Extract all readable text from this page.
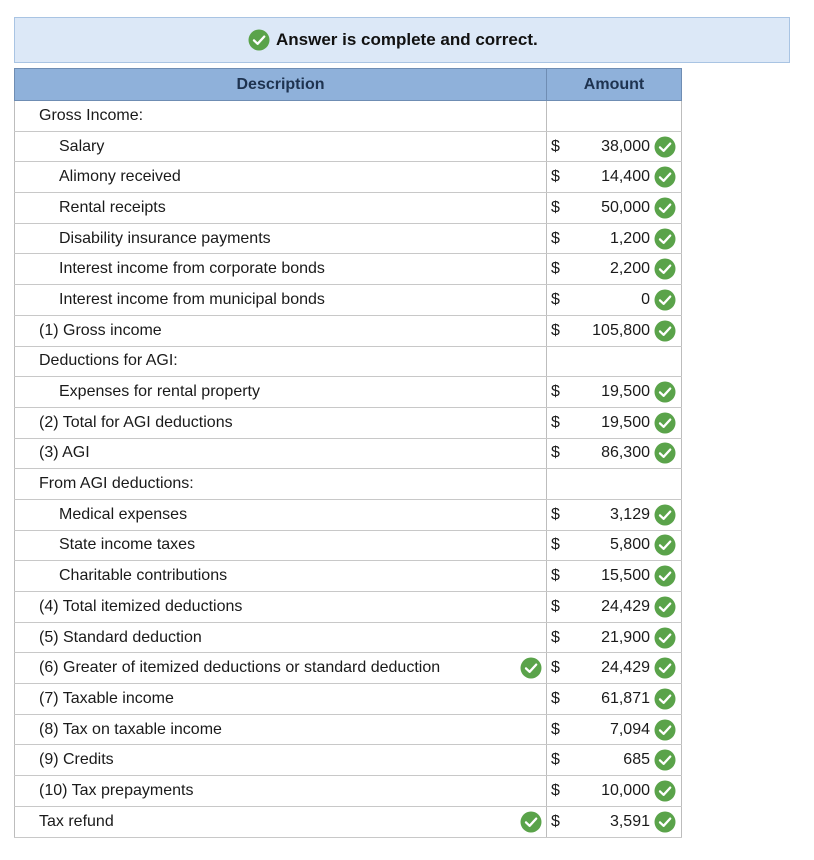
Answer is complete and correct.
Description	Amount

Gross Income:	

Salary	$ 38,000

Alimony received	$ 14,400

Rental receipts	$ 50,000

Disability insurance payments	$ 1,200

Interest income from corporate bonds	$ 2,200

Interest income from municipal bonds	$ 0

(1) Gross income	$ 105,800

Deductions for AGI:	

Expenses for rental property	$ 19,500

(2) Total for AGI deductions	$ 19,500

(3) AGI	$ 86,300

From AGI deductions:	

Medical expenses	$ 3,129

State income taxes	$ 5,800

Charitable contributions	$ 15,500

(4) Total itemized deductions	$ 24,429

(5) Standard deduction	$ 21,900

(6) Greater of itemized deductions or standard deduction	$ 24,429

(7) Taxable income	$ 61,871

(8) Tax on taxable income	$ 7,094

(9) Credits	$ 685

(10) Tax prepayments	$ 10,000

Tax refund	$ 3,591
